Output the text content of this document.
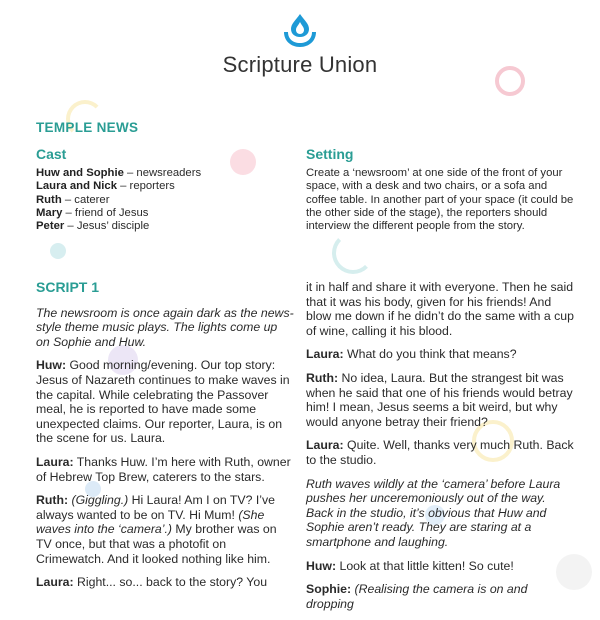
Scripture Union
TEMPLE NEWS
Cast
Huw and Sophie – newsreaders
Laura and Nick – reporters
Ruth – caterer
Mary – friend of Jesus
Peter – Jesus’ disciple
Setting

Create a ‘newsroom’ at one side of the front of your space, with a desk and two chairs, or a sofa and coffee table. In another part of your space (it could be the other side of the stage), the reporters should interview the different people from the story.

SCRIPT 1

The newsroom is once again dark as the news-style theme music plays. The lights come up on Sophie and Huw.

Huw: Good morning/evening. Our top story: Jesus of Nazareth continues to make waves in the capital. While celebrating the Passover meal, he is reported to have made some unexpected claims. Our reporter, Laura, is on the scene for us. Laura.

Laura: Thanks Huw. I’m here with Ruth, owner of Hebrew Top Brew, caterers to the stars.

Ruth: (Giggling.) Hi Laura! Am I on TV? I’ve always wanted to be on TV. Hi Mum! (She waves into the ‘camera’.) My brother was on TV once, but that was a photofit on Crimewatch. And it looked nothing like him.

Laura: Right... so... back to the story? You

it in half and share it with everyone. Then he said that it was his body, given for his friends! And blow me down if he didn’t do the same with a cup of wine, calling it his blood.

Laura: What do you think that means?

Ruth: No idea, Laura. But the strangest bit was when he said that one of his friends would betray him! I mean, Jesus seems a bit weird, but why would anyone betray their friend?

Laura: Quite. Well, thanks very much Ruth. Back to the studio.

Ruth waves wildly at the ‘camera’ before Laura pushes her unceremoniously out of the way. Back in the studio, it’s obvious that Huw and Sophie aren’t ready. They are staring at a smartphone and laughing.

Huw: Look at that little kitten! So cute!

Sophie: (Realising the camera is on and dropping
